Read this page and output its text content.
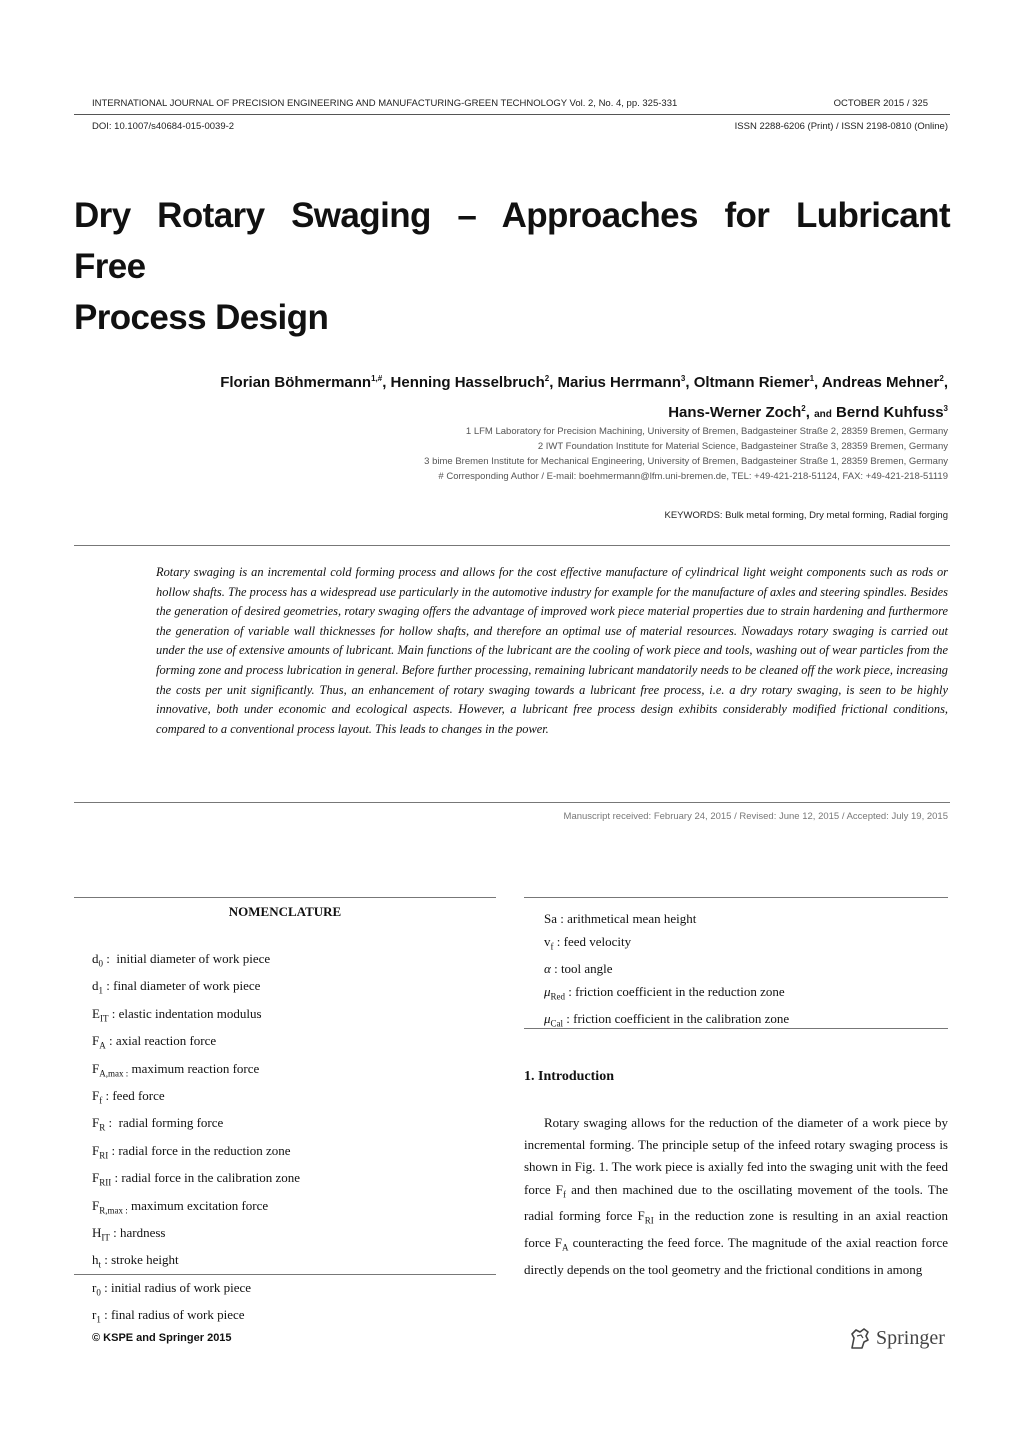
INTERNATIONAL JOURNAL OF PRECISION ENGINEERING AND MANUFACTURING-GREEN TECHNOLOGY Vol. 2, No. 4, pp. 325-331	OCTOBER 2015 / 325
DOI: 10.1007/s40684-015-0039-2	ISSN 2288-6206 (Print) / ISSN 2198-0810 (Online)
Dry Rotary Swaging – Approaches for Lubricant Free
Process Design
Florian Böhmermann$^{1,\#}$, Henning Hasselbruch$^2$, Marius Herrmann$^3$, Oltmann Riemer$^1$, Andreas Mehner$^2$,
Hans-Werner Zoch$^2$, and Bernd Kuhfuss$^3$
1 LFM Laboratory for Precision Machining, University of Bremen, Badgasteiner Straße 2, 28359 Bremen, Germany
2 IWT Foundation Institute for Material Science, Badgasteiner Straße 3, 28359 Bremen, Germany
3 bime Bremen Institute for Mechanical Engineering, University of Bremen, Badgasteiner Straße 1, 28359 Bremen, Germany
# Corresponding Author / E-mail: boehmermann@lfm.uni-bremen.de, TEL: +49-421-218-51124, FAX: +49-421-218-51119
KEYWORDS: Bulk metal forming, Dry metal forming, Radial forging
Rotary swaging is an incremental cold forming process and allows for the cost effective manufacture of cylindrical light weight components such as rods or hollow shafts. The process has a widespread use particularly in the automotive industry for example for the manufacture of axles and steering spindles. Besides the generation of desired geometries, rotary swaging offers the advantage of improved work piece material properties due to strain hardening and furthermore the generation of variable wall thicknesses for hollow shafts, and therefore an optimal use of material resources. Nowadays rotary swaging is carried out under the use of extensive amounts of lubricant. Main functions of the lubricant are the cooling of work piece and tools, washing out of wear particles from the forming zone and process lubrication in general. Before further processing, remaining lubricant mandatorily needs to be cleaned off the work piece, increasing the costs per unit significantly. Thus, an enhancement of rotary swaging towards a lubricant free process, i.e. a dry rotary swaging, is seen to be highly innovative, both under economic and ecological aspects. However, a lubricant free process design exhibits considerably modified frictional conditions, compared to a conventional process layout. This leads to changes in the power.
Manuscript received: February 24, 2015 / Revised: June 12, 2015 / Accepted: July 19, 2015
NOMENCLATURE
$d_0$ :  initial diameter of work piece
$d_1$ : final diameter of work piece
$E_{IT}$ : elastic indentation modulus
$F_A$ : axial reaction force
$F_{A,max :}$ maximum reaction force
$F_f$ : feed force
$F_R$ :  radial forming force
$F_{RI}$ : radial force in the reduction zone
$F_{RII}$ : radial force in the calibration zone
$F_{R,max :}$ maximum excitation force
$H_{IT}$ : hardness
$h_t$ : stroke height
$r_0$ : initial radius of work piece
$r_1$ : final radius of work piece
Sa : arithmetical mean height
$v_f$ : feed velocity
α : tool angle
$\mu_{Red}$ : friction coefficient in the reduction zone
$\mu_{Cal}$ : friction coefficient in the calibration zone
1. Introduction
Rotary swaging allows for the reduction of the diameter of a work piece by incremental forming. The principle setup of the infeed rotary swaging process is shown in Fig. 1. The work piece is axially fed into the swaging unit with the feed force $F_f$ and then machined due to the oscillating movement of the tools. The radial forming force $F_{RI}$ in the reduction zone is resulting in an axial reaction force $F_A$ counteracting the feed force. The magnitude of the axial reaction force directly depends on the tool geometry and the frictional conditions in among
© KSPE and Springer 2015	Springer
